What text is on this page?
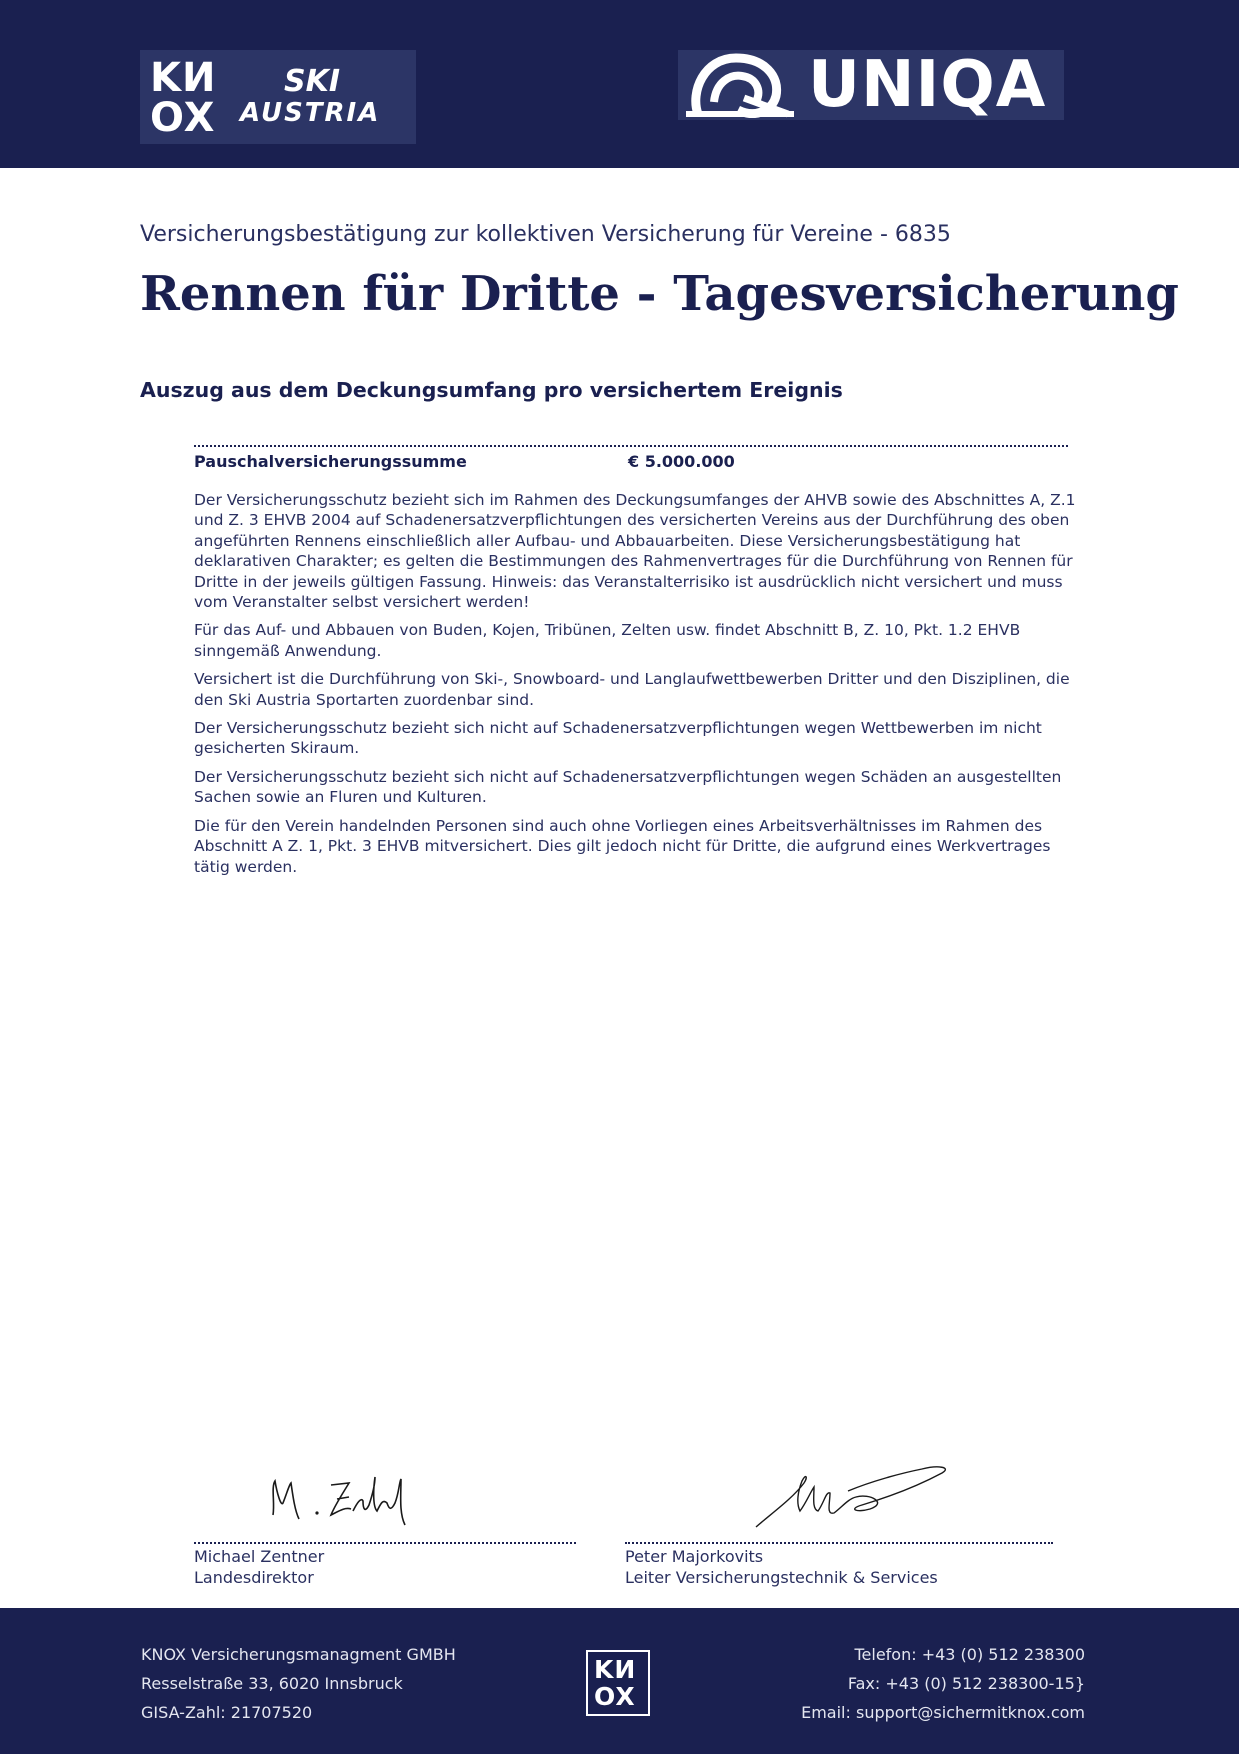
KИ
OX
SKI
AUSTRIA	UNIQA
Versicherungsbestätigung zur kollektiven Versicherung für Vereine - 6835
Rennen für Dritte - Tagesversicherung
Auszug aus dem Deckungsumfang pro versichertem Ereignis
Pauschalversicherungssumme	€ 5.000.000

Der Versicherungsschutz bezieht sich im Rahmen des Deckungsumfanges der AHVB sowie des Abschnittes A, Z.1 und Z. 3 EHVB 2004 auf Schadenersatzverpflichtungen des versicherten Vereins aus der Durchführung des oben angeführten Rennens einschließlich aller Aufbau- und Abbauarbeiten. Diese Versicherungsbestätigung hat deklarativen Charakter; es gelten die Bestimmungen des Rahmenvertrages für die Durchführung von Rennen für Dritte in der jeweils gültigen Fassung. Hinweis: das Veranstalterrisiko ist ausdrücklich nicht versichert und muss vom Veranstalter selbst versichert werden!

Für das Auf- und Abbauen von Buden, Kojen, Tribünen, Zelten usw. findet Abschnitt B, Z. 10, Pkt. 1.2 EHVB sinngemäß Anwendung.

Versichert ist die Durchführung von Ski-, Snowboard- und Langlaufwettbewerben Dritter und den Disziplinen, die den Ski Austria Sportarten zuordenbar sind.

Der Versicherungsschutz bezieht sich nicht auf Schadenersatzverpflichtungen wegen Wettbewerben im nicht gesicherten Skiraum.

Der Versicherungsschutz bezieht sich nicht auf Schadenersatzverpflichtungen wegen Schäden an ausgestellten Sachen sowie an Fluren und Kulturen.

Die für den Verein handelnden Personen sind auch ohne Vorliegen eines Arbeitsverhältnisses im Rahmen des Abschnitt A Z. 1, Pkt. 3 EHVB mitversichert. Dies gilt jedoch nicht für Dritte, die aufgrund eines Werkvertrages tätig werden.

Michael Zentner
Landesdirektor
Peter Majorkovits
Leiter Versicherungstechnik & Services
KNOX Versicherungsmanagment GMBH
Resselstraße 33, 6020 Innsbruck
GISA-Zahl: 21707520
KИ
OX
Telefon: +43 (0) 512 238300
Fax: +43 (0) 512 238300-15}
Email: support@sichermitknox.com
